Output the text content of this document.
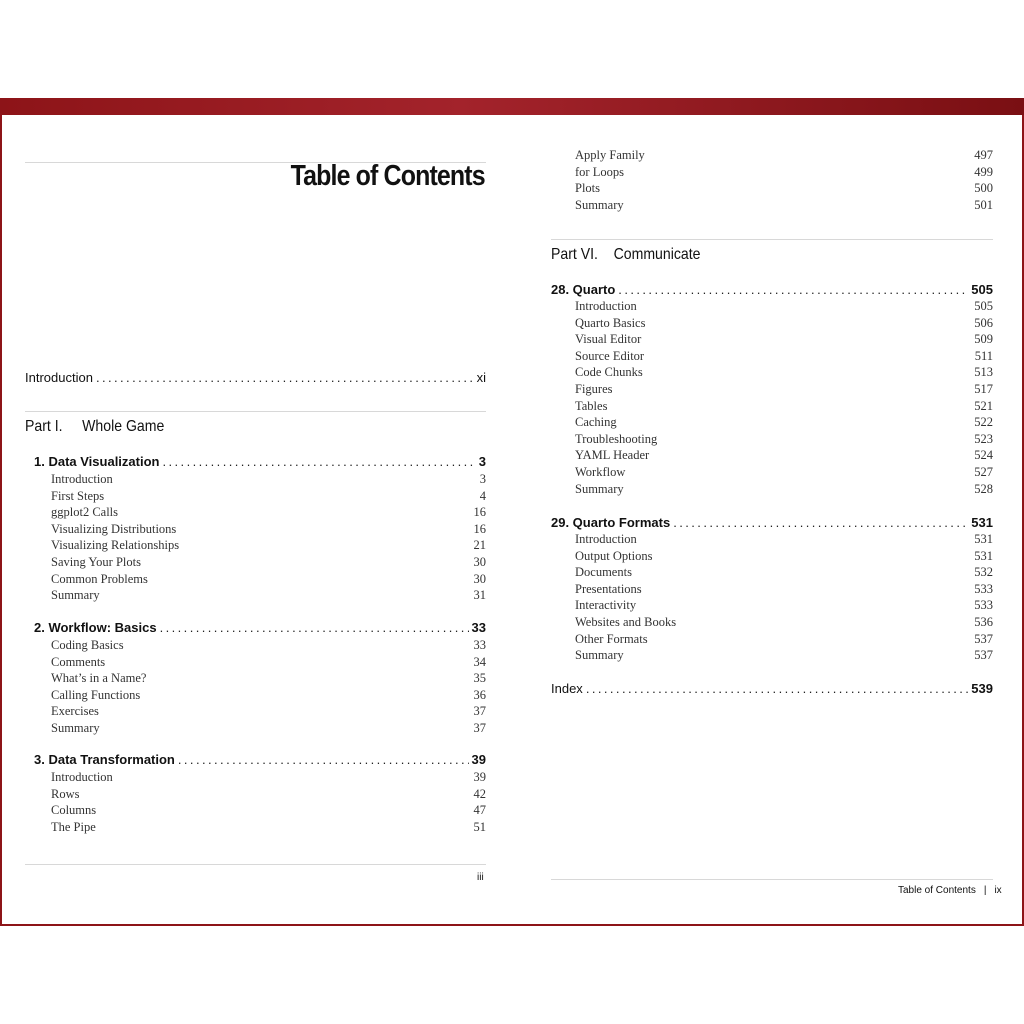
Table of Contents
Introduction . . .	xi
Part I. Whole Game
1. Data Visualization . . .	3
Introduction	3
First Steps	4
ggplot2 Calls	16
Visualizing Distributions	16
Visualizing Relationships	21
Saving Your Plots	30
Common Problems	30
Summary	31
2. Workflow: Basics . . .	33
Coding Basics	33
Comments	34
What’s in a Name?	35
Calling Functions	36
Exercises	37
Summary	37
3. Data Transformation . . .	39
Introduction	39
Rows	42
Columns	47
The Pipe	51
iii
Apply Family	497
for Loops	499
Plots	500
Summary	501
Part VI. Communicate
28. Quarto . . .	505
Introduction	505
Quarto Basics	506
Visual Editor	509
Source Editor	511
Code Chunks	513
Figures	517
Tables	521
Caching	522
Troubleshooting	523
YAML Header	524
Workflow	527
Summary	528
29. Quarto Formats . . .	531
Introduction	531
Output Options	531
Documents	532
Presentations	533
Interactivity	533
Websites and Books	536
Other Formats	537
Summary	537
Index . . .	539
Table of Contents | ix
